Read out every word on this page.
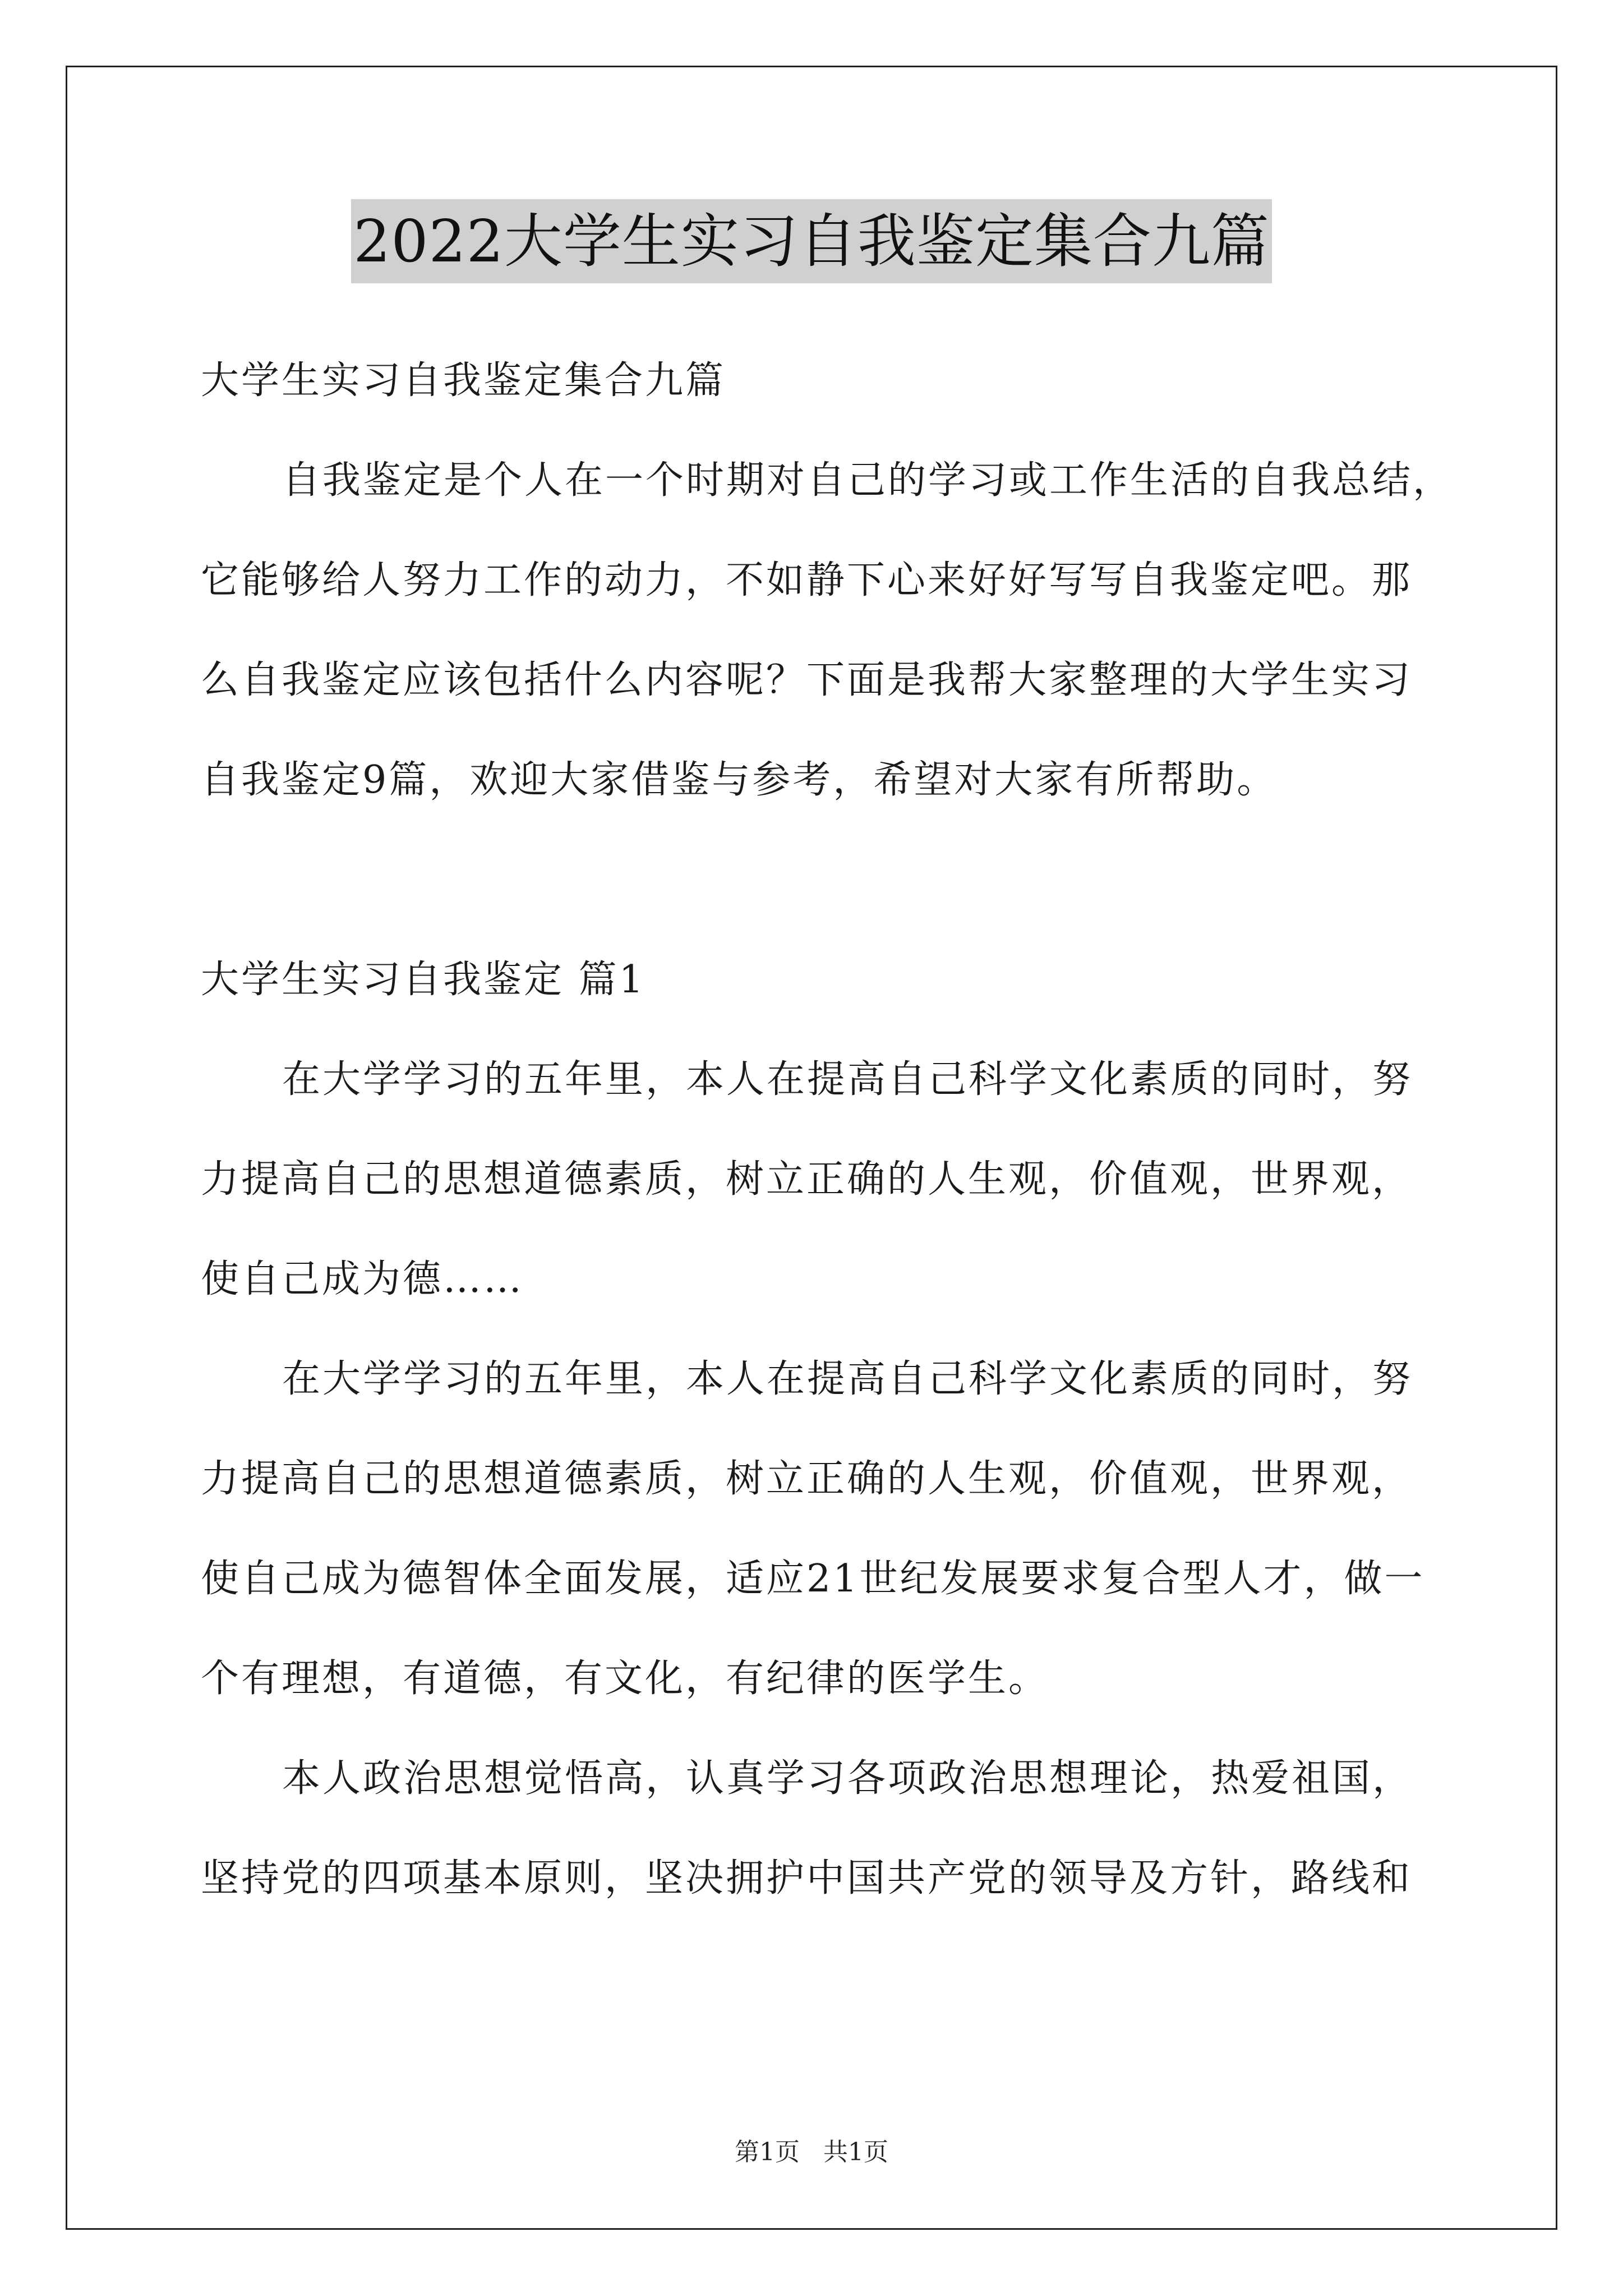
2022大学生实习自我鉴定集合九篇
大学生实习自我鉴定集合九篇
自我鉴定是个人在一个时期对自己的学习或工作生活的自我总结，
它能够给人努力工作的动力，不如静下心来好好写写自我鉴定吧。那
么自我鉴定应该包括什么内容呢？下面是我帮大家整理的大学生实习
自我鉴定9篇，欢迎大家借鉴与参考，希望对大家有所帮助。
大学生实习自我鉴定 篇1
在大学学习的五年里，本人在提高自己科学文化素质的同时，努
力提高自己的思想道德素质，树立正确的人生观，价值观，世界观，
使自己成为德……
在大学学习的五年里，本人在提高自己科学文化素质的同时，努
力提高自己的思想道德素质，树立正确的人生观，价值观，世界观，
使自己成为德智体全面发展，适应21世纪发展要求复合型人才，做一
个有理想，有道德，有文化，有纪律的医学生。
本人政治思想觉悟高，认真学习各项政治思想理论，热爱祖国，
坚持党的四项基本原则，坚决拥护中国共产党的领导及方针，路线和
第1页 共1页
